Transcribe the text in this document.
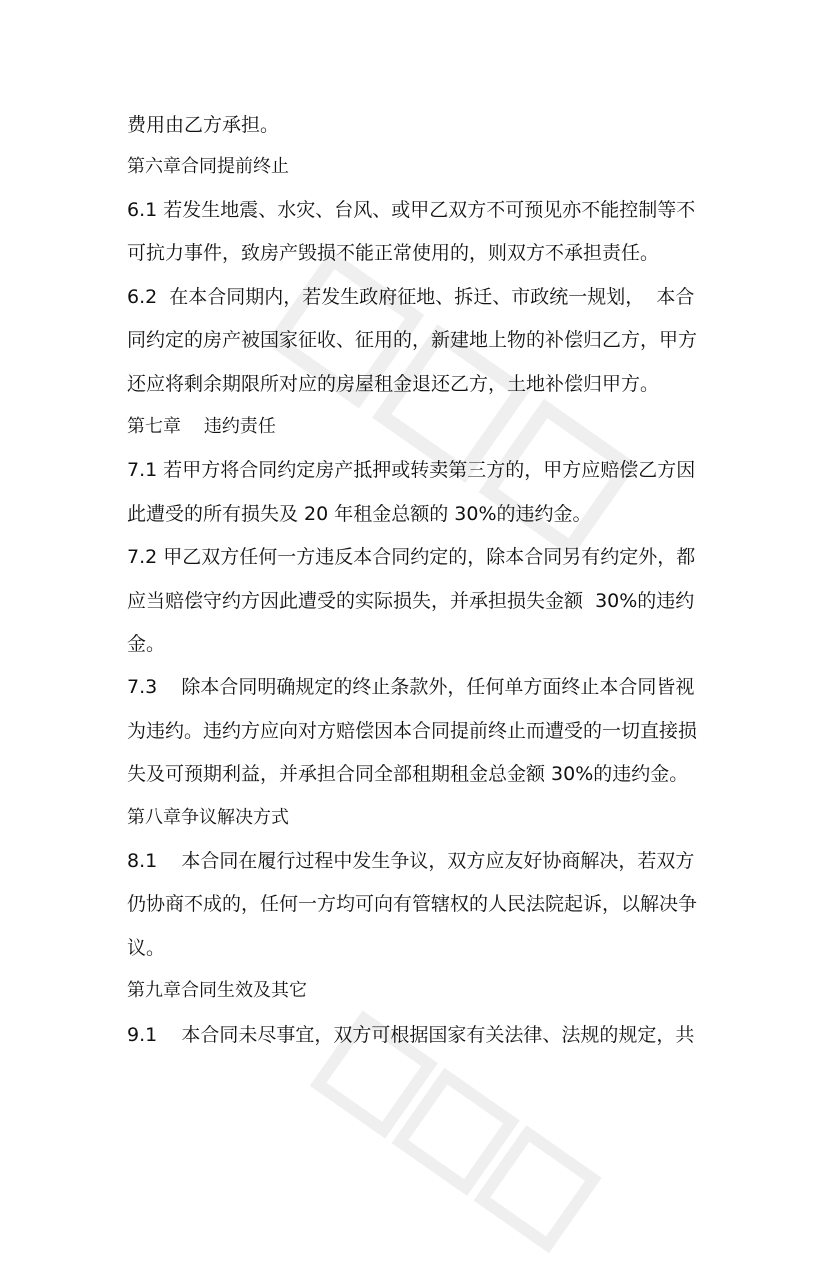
费用由乙方承担。
第六章合同提前终止
6.1 若发生地震、水灾、台风、或甲乙双方不可预见亦不能控制等不
可抗力事件，致房产毁损不能正常使用的，则双方不承担责任。
6.2  在本合同期内，若发生政府征地、拆迁、市政统一规划，  本合
同约定的房产被国家征收、征用的，新建地上物的补偿归乙方，甲方
还应将剩余期限所对应的房屋租金退还乙方，土地补偿归甲方。
第七章    违约责任
7.1 若甲方将合同约定房产抵押或转卖第三方的，甲方应赔偿乙方因
此遭受的所有损失及 20 年租金总额的 30%的违约金。
7.2 甲乙双方任何一方违反本合同约定的，除本合同另有约定外，都
应当赔偿守约方因此遭受的实际损失，并承担损失金额  30%的违约
金。
7.3    除本合同明确规定的终止条款外，任何单方面终止本合同皆视
为违约。违约方应向对方赔偿因本合同提前终止而遭受的一切直接损
失及可预期利益，并承担合同全部租期租金总金额 30%的违约金。
第八章争议解决方式
8.1    本合同在履行过程中发生争议，双方应友好协商解决，若双方
仍协商不成的，任何一方均可向有管辖权的人民法院起诉，以解决争
议。
第九章合同生效及其它
9.1    本合同未尽事宜，双方可根据国家有关法律、法规的规定，共
